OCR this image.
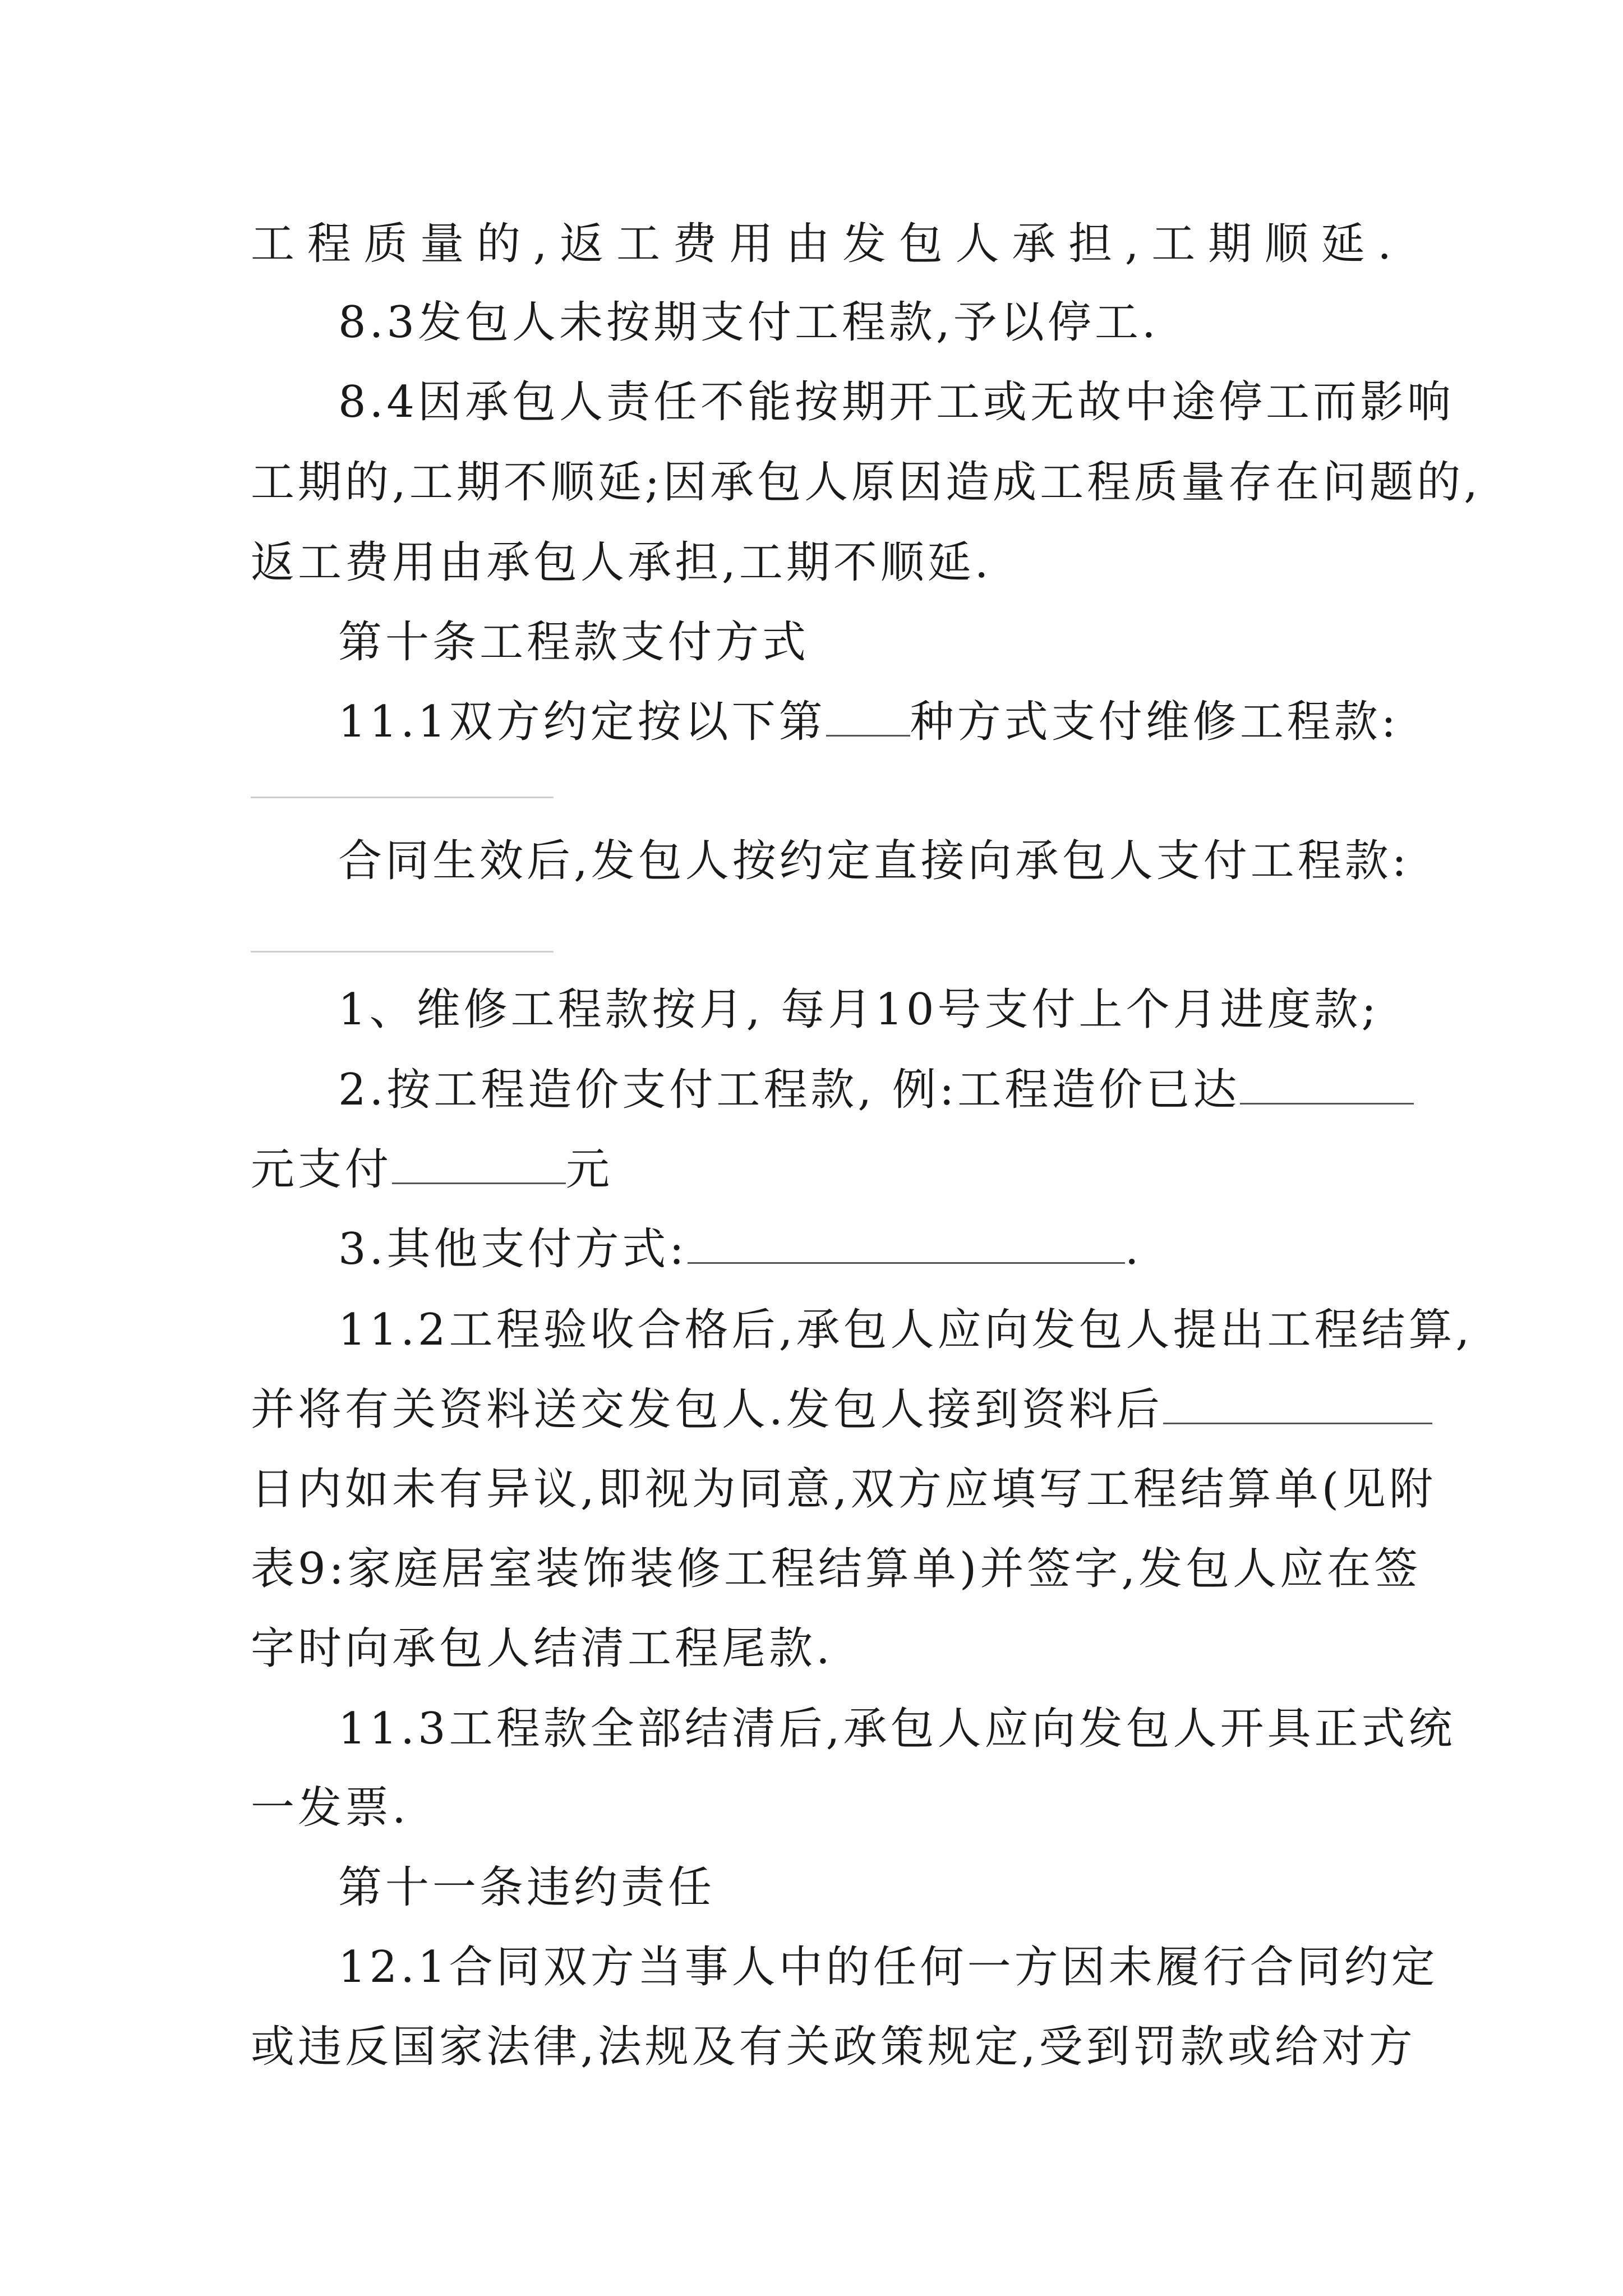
工程质量的,返工费用由发包人承担,工期顺延.
8.3发包人未按期支付工程款,予以停工.
8.4因承包人责任不能按期开工或无故中途停工而影响
工期的,工期不顺延;因承包人原因造成工程质量存在问题的,
返工费用由承包人承担,工期不顺延.
第十条工程款支付方式
11.1双方约定按以下第 种方式支付维修工程款:
合同生效后,发包人按约定直接向承包人支付工程款:
1、维修工程款按月, 每月10号支付上个月进度款;
2.按工程造价支付工程款, 例:工程造价已达
元支付	元
3.其他支付方式:	.
11.2工程验收合格后,承包人应向发包人提出工程结算,
并将有关资料送交发包人.发包人接到资料后
日内如未有异议,即视为同意,双方应填写工程结算单(见附
表9:家庭居室装饰装修工程结算单)并签字,发包人应在签
字时向承包人结清工程尾款.
11.3工程款全部结清后,承包人应向发包人开具正式统
一发票.
第十一条违约责任
12.1合同双方当事人中的任何一方因未履行合同约定
或违反国家法律,法规及有关政策规定,受到罚款或给对方
